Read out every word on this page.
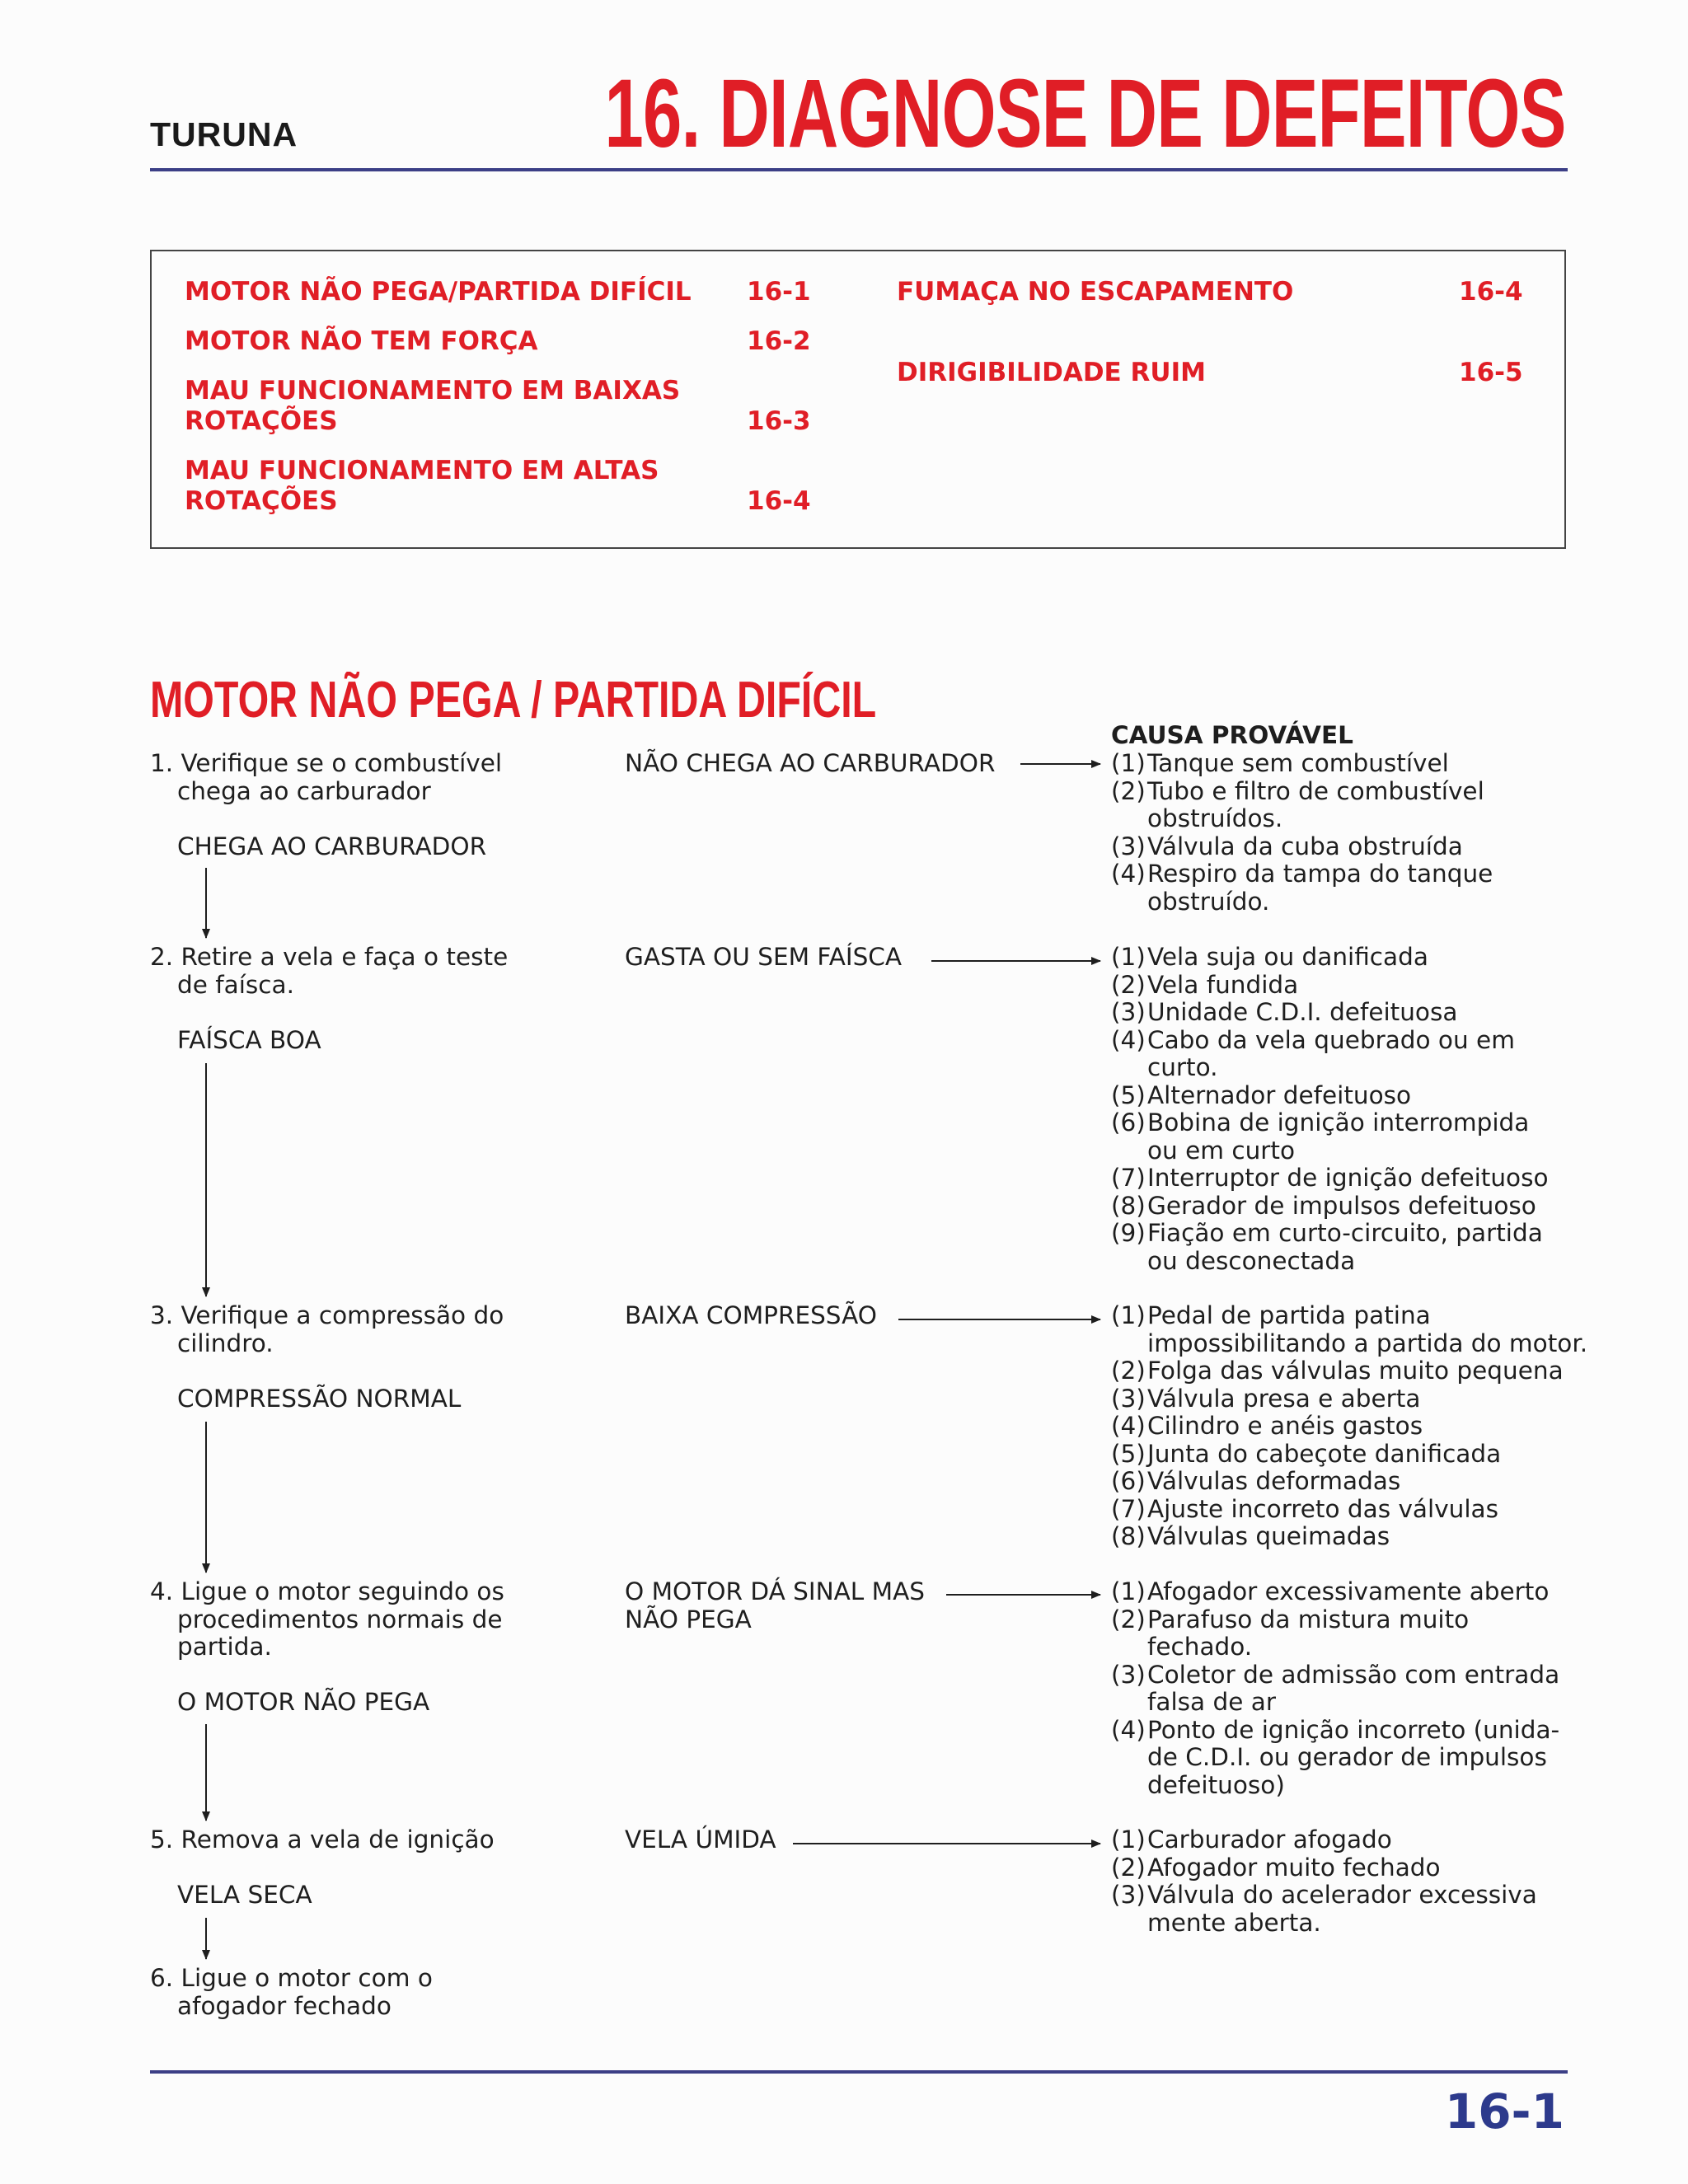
TURUNA	16. DIAGNOSE DE DEFEITOS
MOTOR NÃO PEGA/PARTIDA DIFÍCIL 16-1
MOTOR NÃO TEM FORÇA	16-2
MAU FUNCIONAMENTO EM BAIXAS
ROTAÇÕES	16-3
MAU FUNCIONAMENTO EM ALTAS
ROTAÇÕES	16-4
FUMAÇA NO ESCAPAMENTO	16-4
DIRIGIBILIDADE RUIM	16-5
MOTOR NÃO PEGA / PARTIDA DIFÍCIL
CAUSA PROVÁVEL
1. Verifique se o combustível
chega ao carburador
CHEGA AO CARBURADOR
NÃO CHEGA AO CARBURADOR	(1)Tanque sem combustível
(2)Tubo e filtro de combustível
obstruídos.
(3)Válvula da cuba obstruída
(4)Respiro da tampa do tanque
obstruído.
2. Retire a vela e faça o teste
de faísca.
FAÍSCA BOA
GASTA OU SEM FAÍSCA	(1)Vela suja ou danificada
(2)Vela fundida
(3)Unidade C.D.I. defeituosa
(4)Cabo da vela quebrado ou em
curto.
(5)Alternador defeituoso
(6)Bobina de ignição interrompida
ou em curto
(7)Interruptor de ignição defeituoso
(8)Gerador de impulsos defeituoso
(9)Fiação em curto-circuito, partida
ou desconectada
3. Verifique a compressão do
cilindro.
COMPRESSÃO NORMAL
BAIXA COMPRESSÃO	(1)Pedal de partida patina
impossibilitando a partida do motor.
(2)Folga das válvulas muito pequena
(3)Válvula presa e aberta
(4)Cilindro e anéis gastos
(5)Junta do cabeçote danificada
(6)Válvulas deformadas
(7)Ajuste incorreto das válvulas
(8)Válvulas queimadas
4. Ligue o motor seguindo os
procedimentos normais de
partida.
O MOTOR NÃO PEGA
O MOTOR DÁ SINAL MAS
NÃO PEGA
(1)Afogador excessivamente aberto
(2)Parafuso da mistura muito
fechado.
(3)Coletor de admissão com entrada
falsa de ar
(4)Ponto de ignição incorreto (unida-
de C.D.I. ou gerador de impulsos
defeituoso)
5. Remova a vela de ignição
VELA SECA
VELA ÚMIDA	(1)Carburador afogado
(2)Afogador muito fechado
(3)Válvula do acelerador excessiva
mente aberta.
6. Ligue o motor com o
afogador fechado
16-1
